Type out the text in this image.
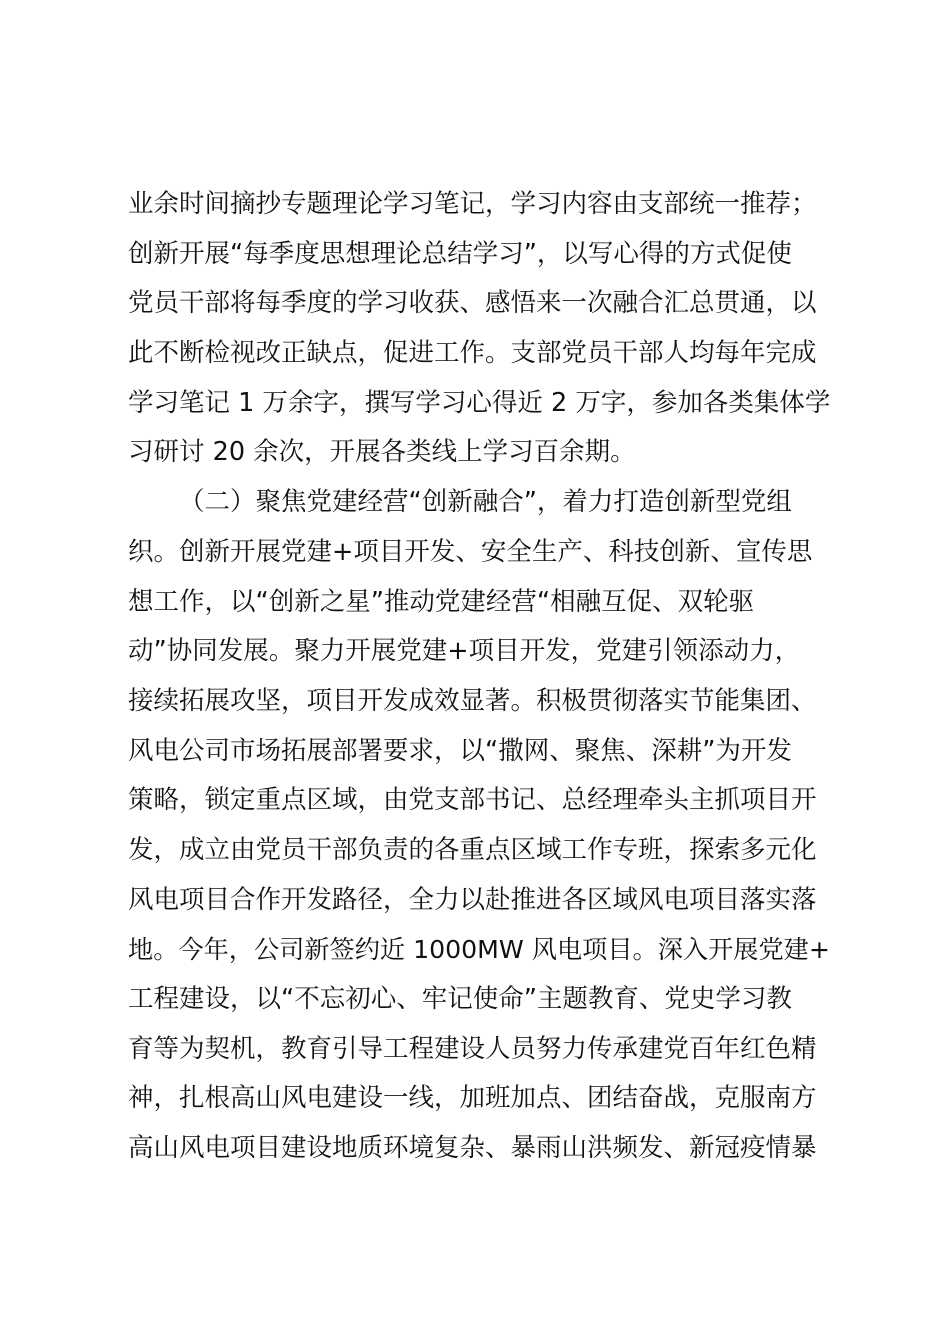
业余时间摘抄专题理论学习笔记，学习内容由支部统一推荐；
创新开展“每季度思想理论总结学习”，以写心得的方式促使
党员干部将每季度的学习收获、感悟来一次融合汇总贯通，以
此不断检视改正缺点，促进工作。支部党员干部人均每年完成
学习笔记 1 万余字，撰写学习心得近 2 万字，参加各类集体学
习研讨 20 余次，开展各类线上学习百余期。
（二）聚焦党建经营“创新融合”，着力打造创新型党组
织。创新开展党建+项目开发、安全生产、科技创新、宣传思
想工作，以“创新之星”推动党建经营“相融互促、双轮驱
动”协同发展。聚力开展党建+项目开发，党建引领添动力，
接续拓展攻坚，项目开发成效显著。积极贯彻落实节能集团、
风电公司市场拓展部署要求，以“撒网、聚焦、深耕”为开发
策略，锁定重点区域，由党支部书记、总经理牵头主抓项目开
发，成立由党员干部负责的各重点区域工作专班，探索多元化
风电项目合作开发路径，全力以赴推进各区域风电项目落实落
地。今年，公司新签约近 1000MW 风电项目。深入开展党建+
工程建设，以“不忘初心、牢记使命”主题教育、党史学习教
育等为契机，教育引导工程建设人员努力传承建党百年红色精
神，扎根高山风电建设一线，加班加点、团结奋战，克服南方
高山风电项目建设地质环境复杂、暴雨山洪频发、新冠疫情暴
